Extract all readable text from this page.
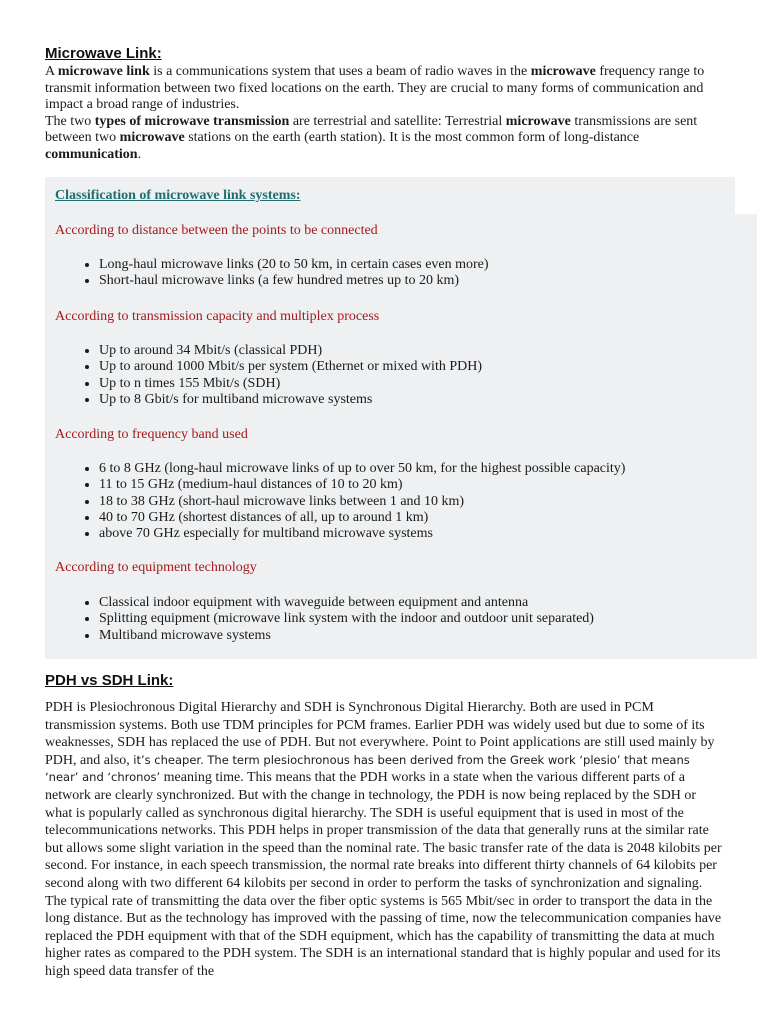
Microwave Link:

A microwave link is a communications system that uses a beam of radio waves in the microwave frequency range to transmit information between two fixed locations on the earth. They are crucial to many forms of communication and impact a broad range of industries.

The two types of microwave transmission are terrestrial and satellite: Terrestrial microwave transmissions are sent between two microwave stations on the earth (earth station). It is the most common form of long-distance communication.

Classification of microwave link systems:
According to distance between the points to be connected
• Long-haul microwave links (20 to 50 km, in certain cases even more)
• Short-haul microwave links (a few hundred metres up to 20 km)
According to transmission capacity and multiplex process
• Up to around 34 Mbit/s (classical PDH)
• Up to around 1000 Mbit/s per system (Ethernet or mixed with PDH)
• Up to n times 155 Mbit/s (SDH)
• Up to 8 Gbit/s for multiband microwave systems
According to frequency band used
• 6 to 8 GHz (long-haul microwave links of up to over 50 km, for the highest possible capacity)
• 11 to 15 GHz (medium-haul distances of 10 to 20 km)
• 18 to 38 GHz (short-haul microwave links between 1 and 10 km)
• 40 to 70 GHz (shortest distances of all, up to around 1 km)
• above 70 GHz especially for multiband microwave systems
According to equipment technology
• Classical indoor equipment with waveguide between equipment and antenna
• Splitting equipment (microwave link system with the indoor and outdoor unit separated)
• Multiband microwave systems
PDH vs SDH Link:
PDH is Plesiochronous Digital Hierarchy and SDH is Synchronous Digital Hierarchy. Both are used in PCM transmission systems. Both use TDM principles for PCM frames. Earlier PDH was widely used but due to some of its weaknesses, SDH has replaced the use of PDH. But not everywhere. Point to Point applications are still used mainly by PDH, and also, it’s cheaper. The term plesiochronous has been derived from the Greek work ‘plesio’ that means ‘near’ and ‘chronos’ meaning time. This means that the PDH works in a state when the various different parts of a network are clearly synchronized. But with the change in technology, the PDH is now being replaced by the SDH or what is popularly called as synchronous digital hierarchy. The SDH is useful equipment that is used in most of the telecommunications networks. This PDH helps in proper transmission of the data that generally runs at the similar rate but allows some slight variation in the speed than the nominal rate. The basic transfer rate of the data is 2048 kilobits per second. For instance, in each speech transmission, the normal rate breaks into different thirty channels of 64 kilobits per second along with two different 64 kilobits per second in order to perform the tasks of synchronization and signaling. The typical rate of transmitting the data over the fiber optic systems is 565 Mbit/sec in order to transport the data in the long distance. But as the technology has improved with the passing of time, now the telecommunication companies have replaced the PDH equipment with that of the SDH equipment, which has the capability of transmitting the data at much higher rates as compared to the PDH system. The SDH is an international standard that is highly popular and used for its high speed data transfer of the
